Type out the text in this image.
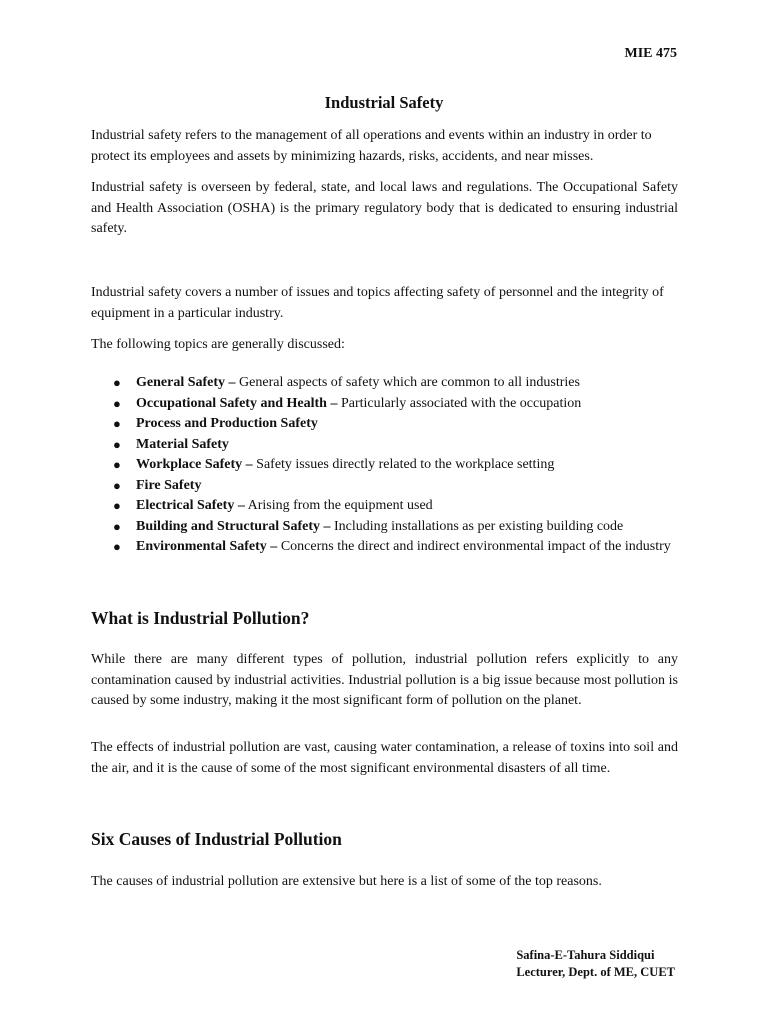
MIE 475
Industrial Safety

Industrial safety refers to the management of all operations and events within an industry in order to protect its employees and assets by minimizing hazards, risks, accidents, and near misses.

Industrial safety is overseen by federal, state, and local laws and regulations. The Occupational Safety and Health Association (OSHA) is the primary regulatory body that is dedicated to ensuring industrial safety.

Industrial safety covers a number of issues and topics affecting safety of personnel and the integrity of equipment in a particular industry.

The following topics are generally discussed:

● General Safety – General aspects of safety which are common to all industries
● Occupational Safety and Health – Particularly associated with the occupation
● Process and Production Safety
● Material Safety
● Workplace Safety – Safety issues directly related to the workplace setting
● Fire Safety
● Electrical Safety – Arising from the equipment used
● Building and Structural Safety – Including installations as per existing building code
● Environmental Safety – Concerns the direct and indirect environmental impact of the industry
What is Industrial Pollution?

While there are many different types of pollution, industrial pollution refers explicitly to any contamination caused by industrial activities. Industrial pollution is a big issue because most pollution is caused by some industry, making it the most significant form of pollution on the planet.

The effects of industrial pollution are vast, causing water contamination, a release of toxins into soil and the air, and it is the cause of some of the most significant environmental disasters of all time.

Six Causes of Industrial Pollution

The causes of industrial pollution are extensive but here is a list of some of the top reasons.

Safina-E-Tahura Siddiqui
Lecturer, Dept. of ME, CUET
